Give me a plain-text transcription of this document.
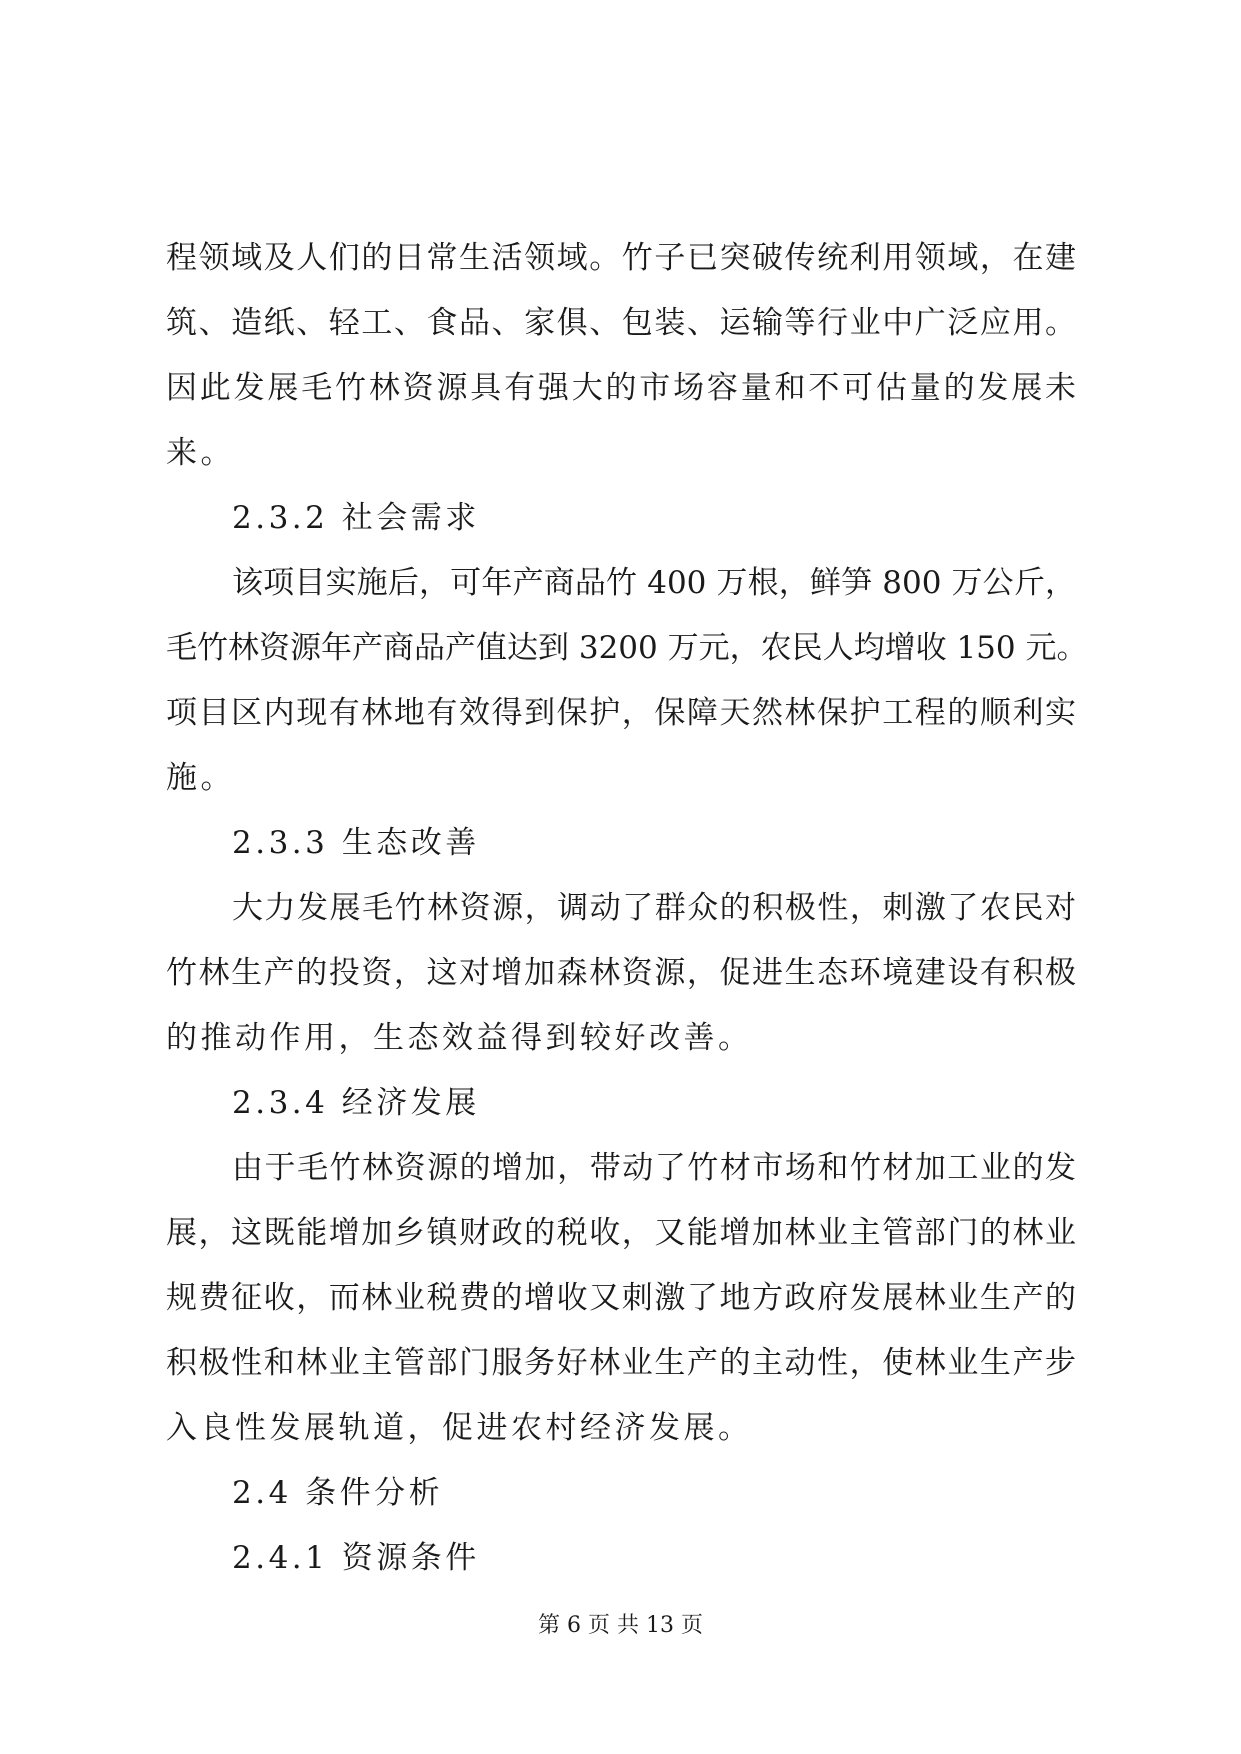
程领域及人们的日常生活领域。竹子已突破传统利用领域，在建
筑、造纸、轻工、食品、家俱、包装、运输等行业中广泛应用。
因此发展毛竹林资源具有强大的市场容量和不可估量的发展未
来。
2.3.2 社会需求
该项目实施后，可年产商品竹 400 万根，鲜笋 800 万公斤，
毛竹林资源年产商品产值达到 3200 万元，农民人均增收 150 元。
项目区内现有林地有效得到保护，保障天然林保护工程的顺利实
施。
2.3.3 生态改善
大力发展毛竹林资源，调动了群众的积极性，刺激了农民对
竹林生产的投资，这对增加森林资源，促进生态环境建设有积极
的推动作用，生态效益得到较好改善。
2.3.4 经济发展
由于毛竹林资源的增加，带动了竹材市场和竹材加工业的发
展，这既能增加乡镇财政的税收，又能增加林业主管部门的林业
规费征收，而林业税费的增收又刺激了地方政府发展林业生产的
积极性和林业主管部门服务好林业生产的主动性，使林业生产步
入良性发展轨道，促进农村经济发展。
2.4 条件分析
2.4.1 资源条件
第 6 页 共 13 页
